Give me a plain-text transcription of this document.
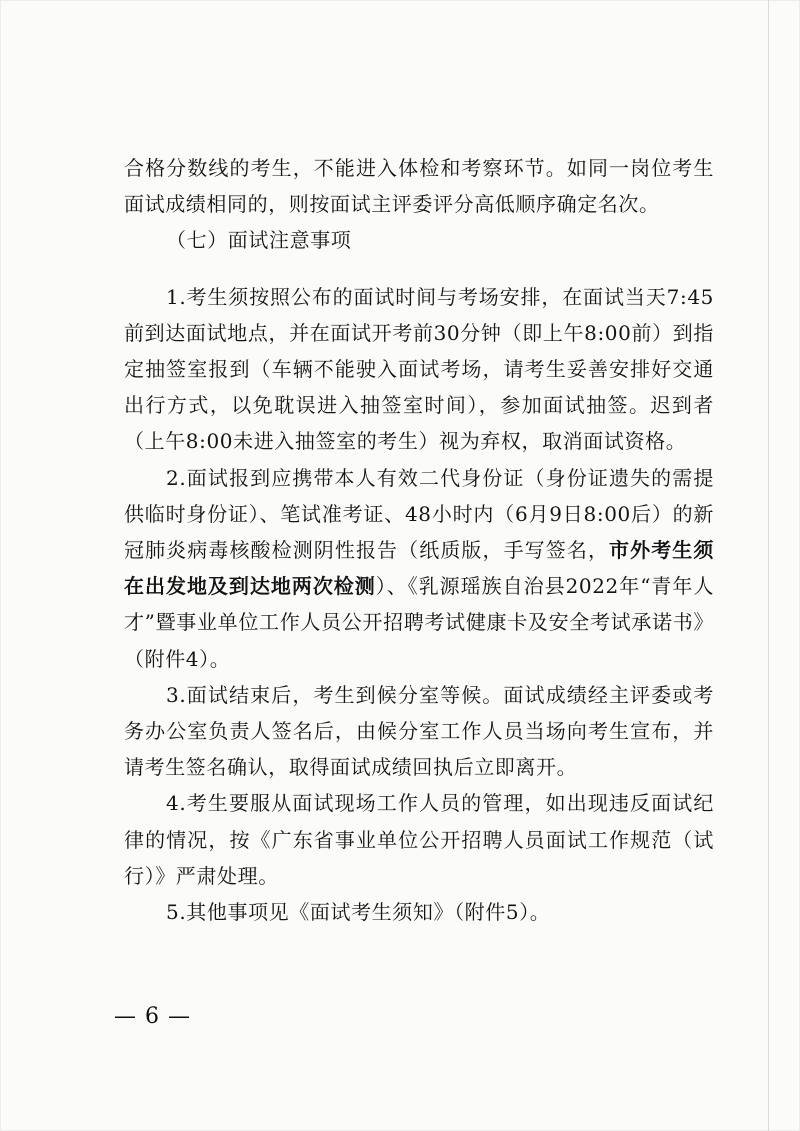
合格分数线的考生，不能进入体检和考察环节。如同一岗位考生面试成绩相同的，则按面试主评委评分高低顺序确定名次。

（七）面试注意事项

1.考生须按照公布的面试时间与考场安排，在面试当天7:45前到达面试地点，并在面试开考前30分钟（即上午8:00前）到指定抽签室报到（车辆不能驶入面试考场，请考生妥善安排好交通出行方式，以免耽误进入抽签室时间），参加面试抽签。迟到者（上午8:00未进入抽签室的考生）视为弃权，取消面试资格。

2.面试报到应携带本人有效二代身份证（身份证遗失的需提供临时身份证）、笔试准考证、48小时内（6月9日8:00后）的新冠肺炎病毒核酸检测阴性报告（纸质版，手写签名，市外考生须在出发地及到达地两次检测）、《乳源瑶族自治县2022年“青年人才”暨事业单位工作人员公开招聘考试健康卡及安全考试承诺书》（附件4）。

3.面试结束后，考生到候分室等候。面试成绩经主评委或考务办公室负责人签名后，由候分室工作人员当场向考生宣布，并请考生签名确认，取得面试成绩回执后立即离开。

4.考生要服从面试现场工作人员的管理，如出现违反面试纪律的情况，按《广东省事业单位公开招聘人员面试工作规范（试行）》严肃处理。

5.其他事项见《面试考生须知》（附件5）。

— 6 —
